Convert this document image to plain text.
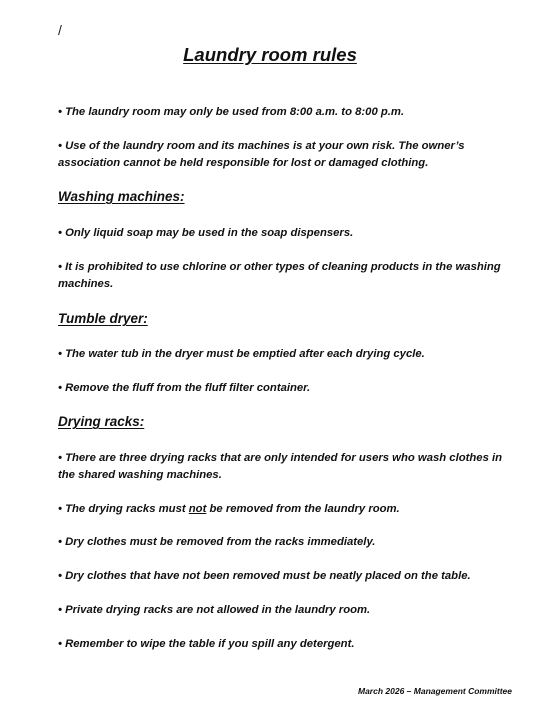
/
Laundry room rules

• The laundry room may only be used from 8:00 a.m. to 8:00 p.m.

• Use of the laundry room and its machines is at your own risk. The owner’s association cannot be held responsible for lost or damaged clothing.

Washing machines:

• Only liquid soap may be used in the soap dispensers.

• It is prohibited to use chlorine or other types of cleaning products in the washing machines.

Tumble dryer:

• The water tub in the dryer must be emptied after each drying cycle.

• Remove the fluff from the fluff filter container.

Drying racks:

• There are three drying racks that are only intended for users who wash clothes in the shared washing machines.

• The drying racks must not be removed from the laundry room.

• Dry clothes must be removed from the racks immediately.

• Dry clothes that have not been removed must be neatly placed on the table.

• Private drying racks are not allowed in the laundry room.

• Remember to wipe the table if you spill any detergent.

March 2026 – Management Committee
